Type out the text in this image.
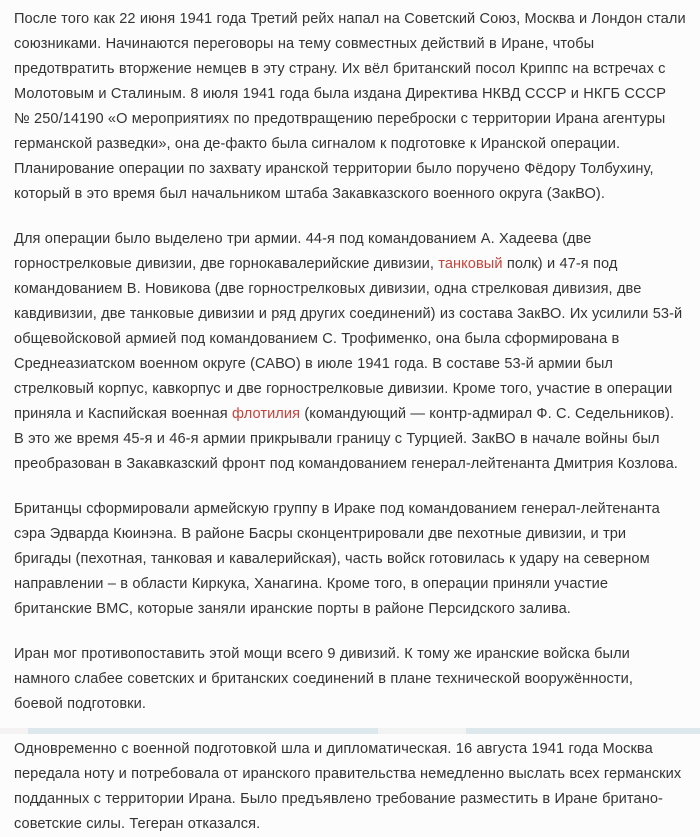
После того как 22 июня 1941 года Третий рейх напал на Советский Союз, Москва и Лондон стали союзниками. Начинаются переговоры на тему совместных действий в Иране, чтобы предотвратить вторжение немцев в эту страну. Их вёл британский посол Криппс на встречах с Молотовым и Сталиным. 8 июля 1941 года была издана Директива НКВД СССР и НКГБ СССР № 250/14190 «О мероприятиях по предотвращению переброски с территории Ирана агентуры германской разведки», она де-факто была сигналом к подготовке к Иранской операции. Планирование операции по захвату иранской территории было поручено Фёдору Толбухину, который в это время был начальником штаба Закавказского военного округа (ЗакВО).

Для операции было выделено три армии. 44-я под командованием А. Хадеева (две горнострелковые дивизии, две горнокавалерийские дивизии, танковый полк) и 47-я под командованием В. Новикова (две горнострелковых дивизии, одна стрелковая дивизия, две кавдивизии, две танковые дивизии и ряд других соединений) из состава ЗакВО. Их усилили 53-й общевойсковой армией под командованием С. Трофименко, она была сформирована в Среднеазиатском военном округе (САВО) в июле 1941 года. В составе 53-й армии был стрелковый корпус, кавкорпус и две горнострелковые дивизии. Кроме того, участие в операции приняла и Каспийская военная флотилия (командующий — контр-адмирал Ф. С. Седельников). В это же время 45-я и 46-я армии прикрывали границу с Турцией. ЗакВО в начале войны был преобразован в Закавказский фронт под командованием генерал-лейтенанта Дмитрия Козлова.

Британцы сформировали армейскую группу в Ираке под командованием генерал-лейтенанта сэра Эдварда Кюинэна. В районе Басры сконцентрировали две пехотные дивизии, и три бригады (пехотная, танковая и кавалерийская), часть войск готовилась к удару на северном направлении – в области Киркука, Ханагина. Кроме того, в операции приняли участие британские ВМС, которые заняли иранские порты в районе Персидского залива.

Иран мог противопоставить этой мощи всего 9 дивизий. К тому же иранские войска были намного слабее советских и британских соединений в плане технической вооружённости, боевой подготовки.

Одновременно с военной подготовкой шла и дипломатическая. 16 августа 1941 года Москва передала ноту и потребовала от иранского правительства немедленно выслать всех германских подданных с территории Ирана. Было предъявлено требование разместить в Иране британо-советские силы. Тегеран отказался.
